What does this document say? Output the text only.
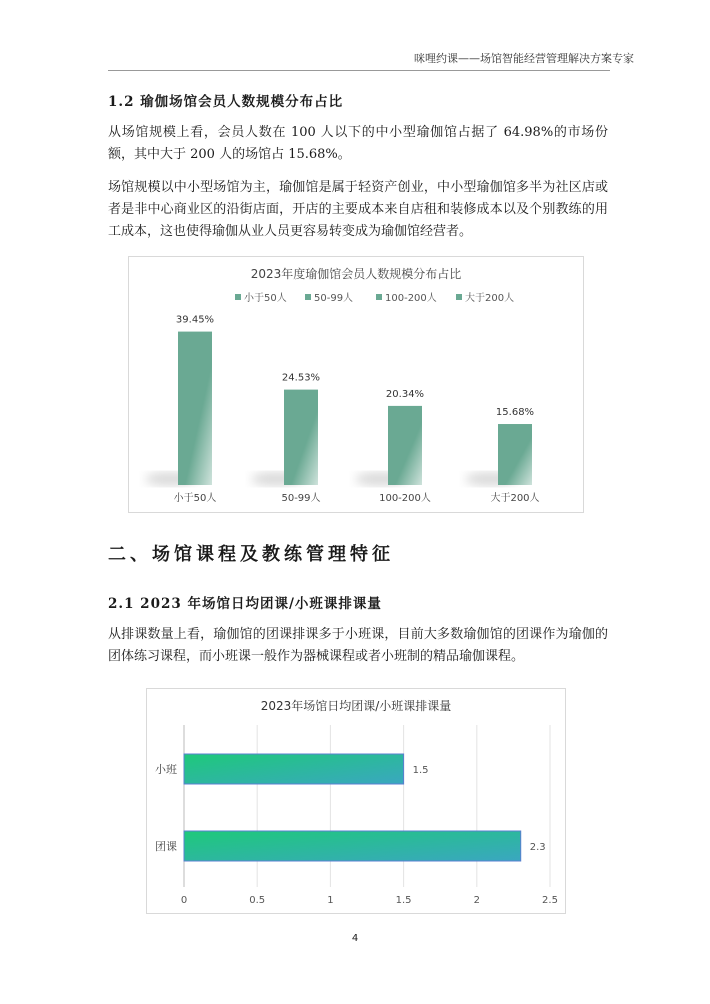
咪哩约课——场馆智能经营管理解决方案专家
1.2 瑜伽场馆会员人数规模分布占比
从场馆规模上看，会员人数在 100 人以下的中小型瑜伽馆占据了 64.98%的市场份额，其中大于 200 人的场馆占 15.68%。
场馆规模以中小型场馆为主，瑜伽馆是属于轻资产创业，中小型瑜伽馆多半为社区店或者是非中心商业区的沿街店面，开店的主要成本来自店租和装修成本以及个别教练的用工成本，这也使得瑜伽从业人员更容易转变成为瑜伽馆经营者。
2023年度瑜伽馆会员人数规模分布占比
小于50人	50-99人	100-200人	大于200人
39.45%
小于50人
24.53%
50-99人
20.34%
100-200人
15.68%
大于200人
二、场馆课程及教练管理特征
2.1 2023 年场馆日均团课/小班课排课量
从排课数量上看，瑜伽馆的团课排课多于小班课，目前大多数瑜伽馆的团课作为瑜伽的团体练习课程，而小班课一般作为器械课程或者小班制的精品瑜伽课程。
2023年场馆日均团课/小班课排课量
0	0.5	1	1.5	2	2.5
1.5
小班
2.3
团课
4
